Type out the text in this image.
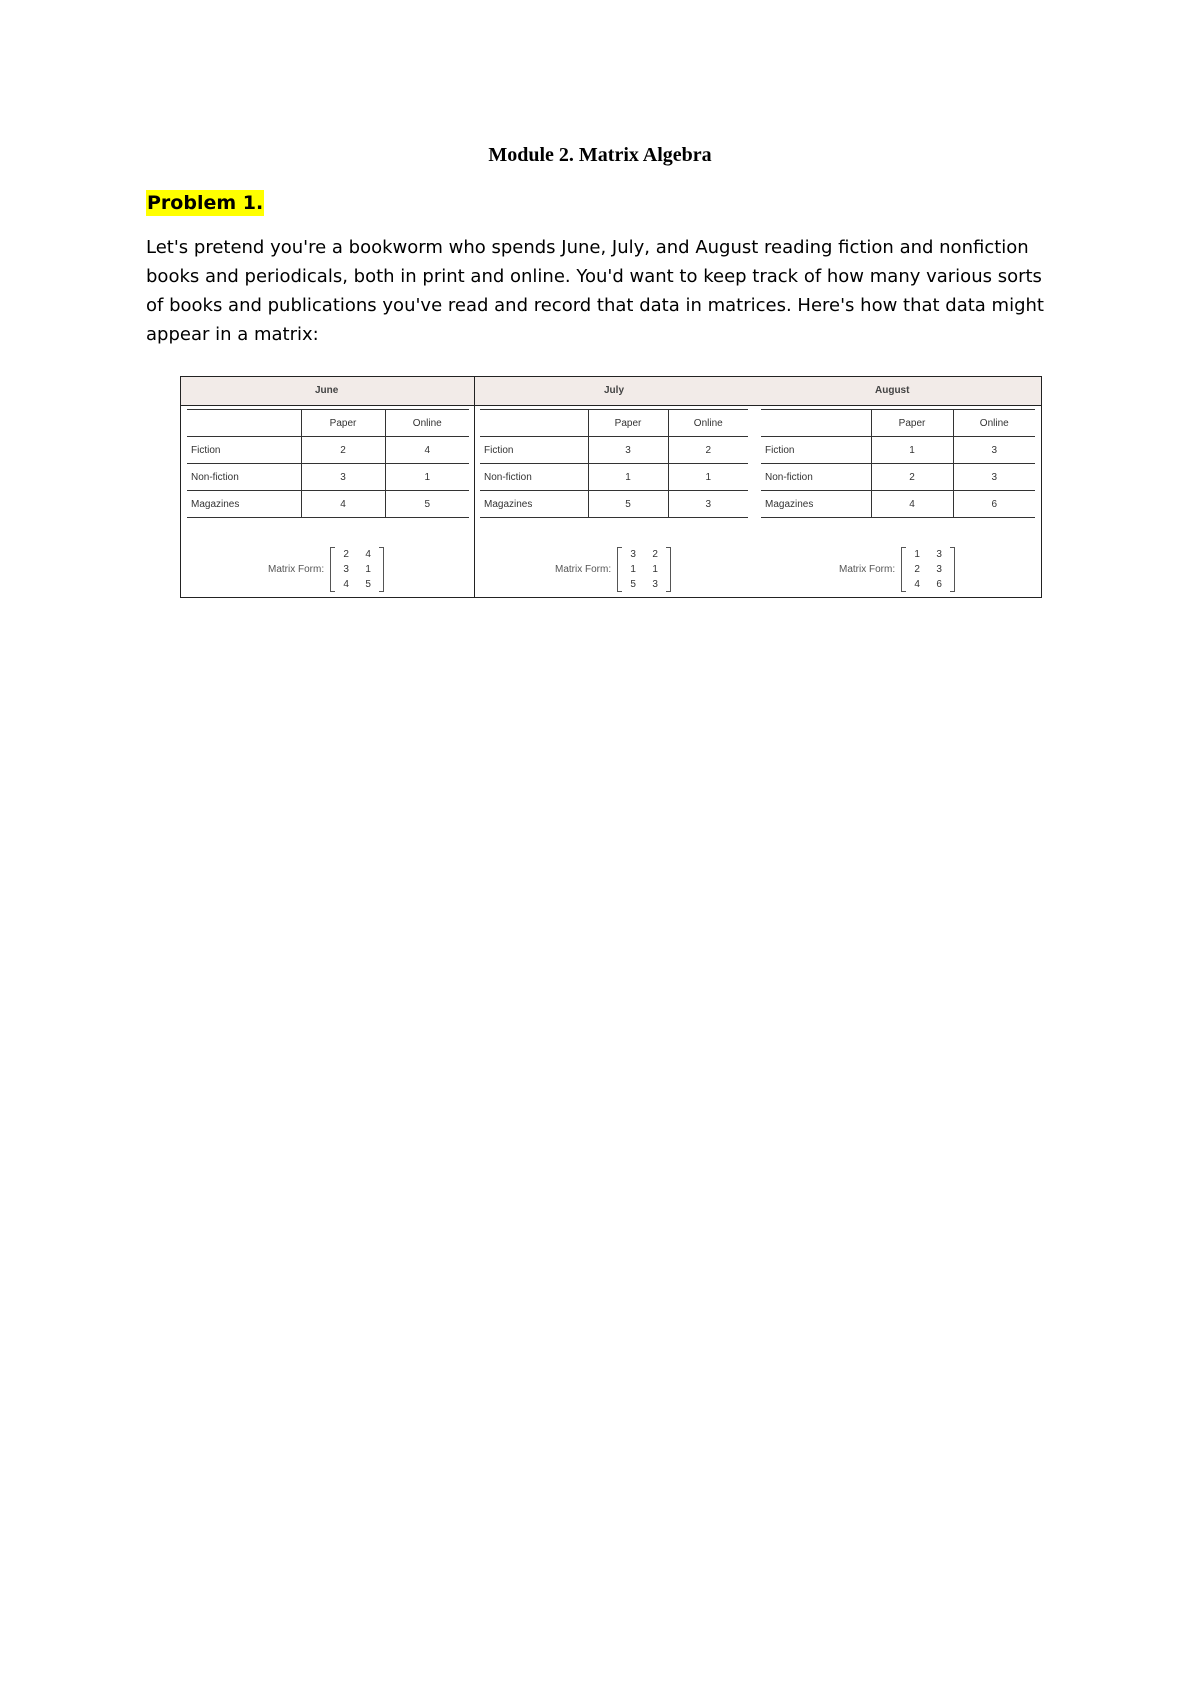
Module 2. Matrix Algebra
Problem 1.

Let's pretend you're a bookworm who spends June, July, and August reading fiction and nonfiction books and periodicals, both in print and online. You'd want to keep track of how many various sorts of books and publications you've read and record that data in matrices. Here's how that data might appear in a matrix:

June
	Paper	Online
Fiction	2	4
Non-fiction	3	1
Magazines	4	5
Matrix Form:
2	4
3	1
4	5
July	August
	Paper	Online
Fiction	3	2
Non-fiction	1	1
Magazines	5	3
	Paper	Online
Fiction	1	3
Non-fiction	2	3
Magazines	4	6
Matrix Form:
3	2
1	1
5	3
Matrix Form:
1	3
2	3
4	6
